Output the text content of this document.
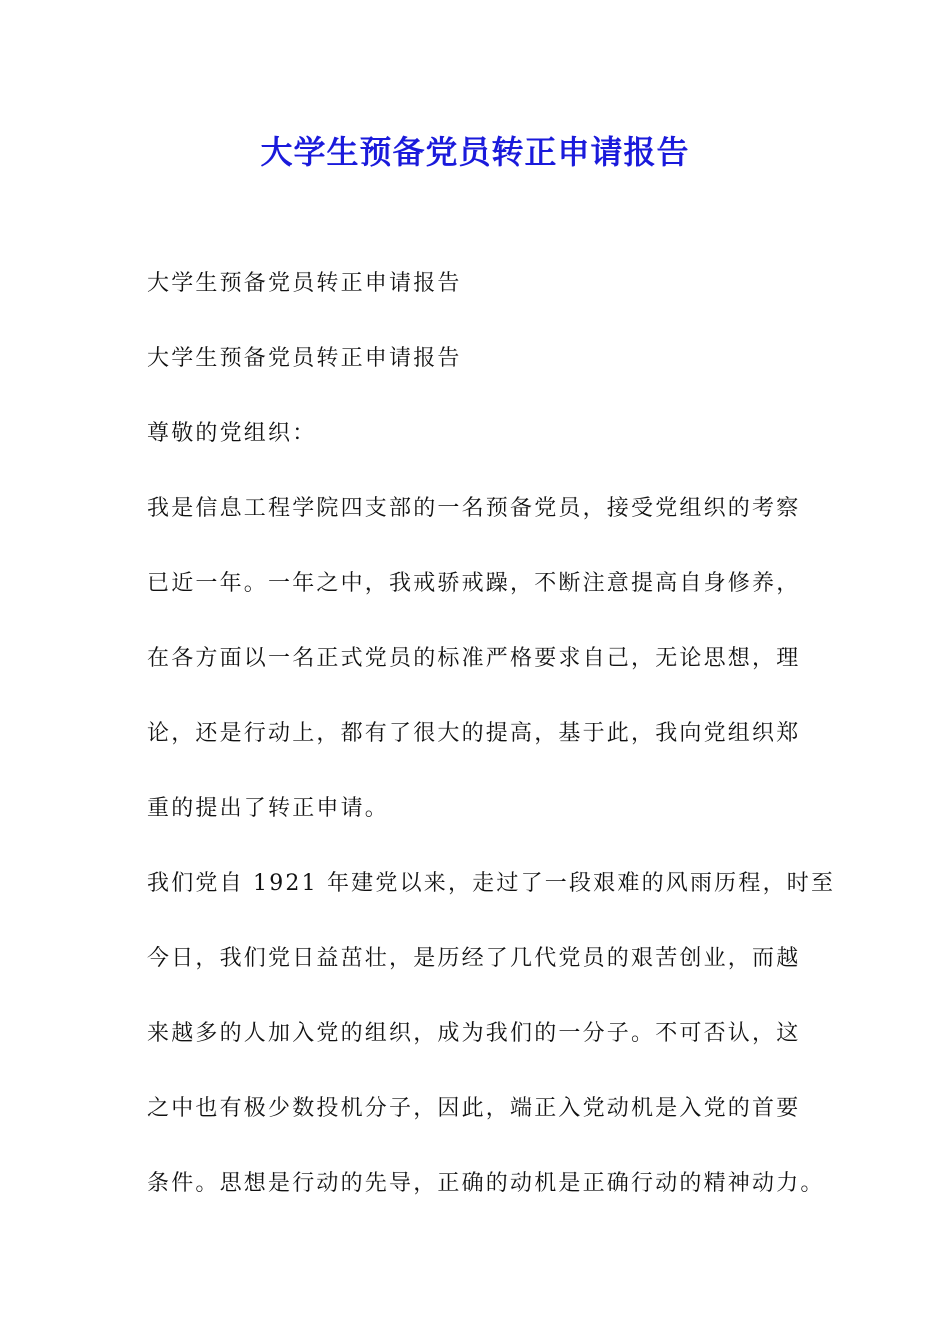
大学生预备党员转正申请报告

大学生预备党员转正申请报告

大学生预备党员转正申请报告

尊敬的党组织：

我是信息工程学院四支部的一名预备党员，接受党组织的考察

已近一年。一年之中，我戒骄戒躁，不断注意提高自身修养，

在各方面以一名正式党员的标准严格要求自己，无论思想，理

论，还是行动上，都有了很大的提高，基于此，我向党组织郑

重的提出了转正申请。

我们党自 1921 年建党以来，走过了一段艰难的风雨历程，时至

今日，我们党日益茁壮，是历经了几代党员的艰苦创业，而越

来越多的人加入党的组织，成为我们的一分子。不可否认，这

之中也有极少数投机分子，因此，端正入党动机是入党的首要

条件。思想是行动的先导，正确的动机是正确行动的精神动力。
